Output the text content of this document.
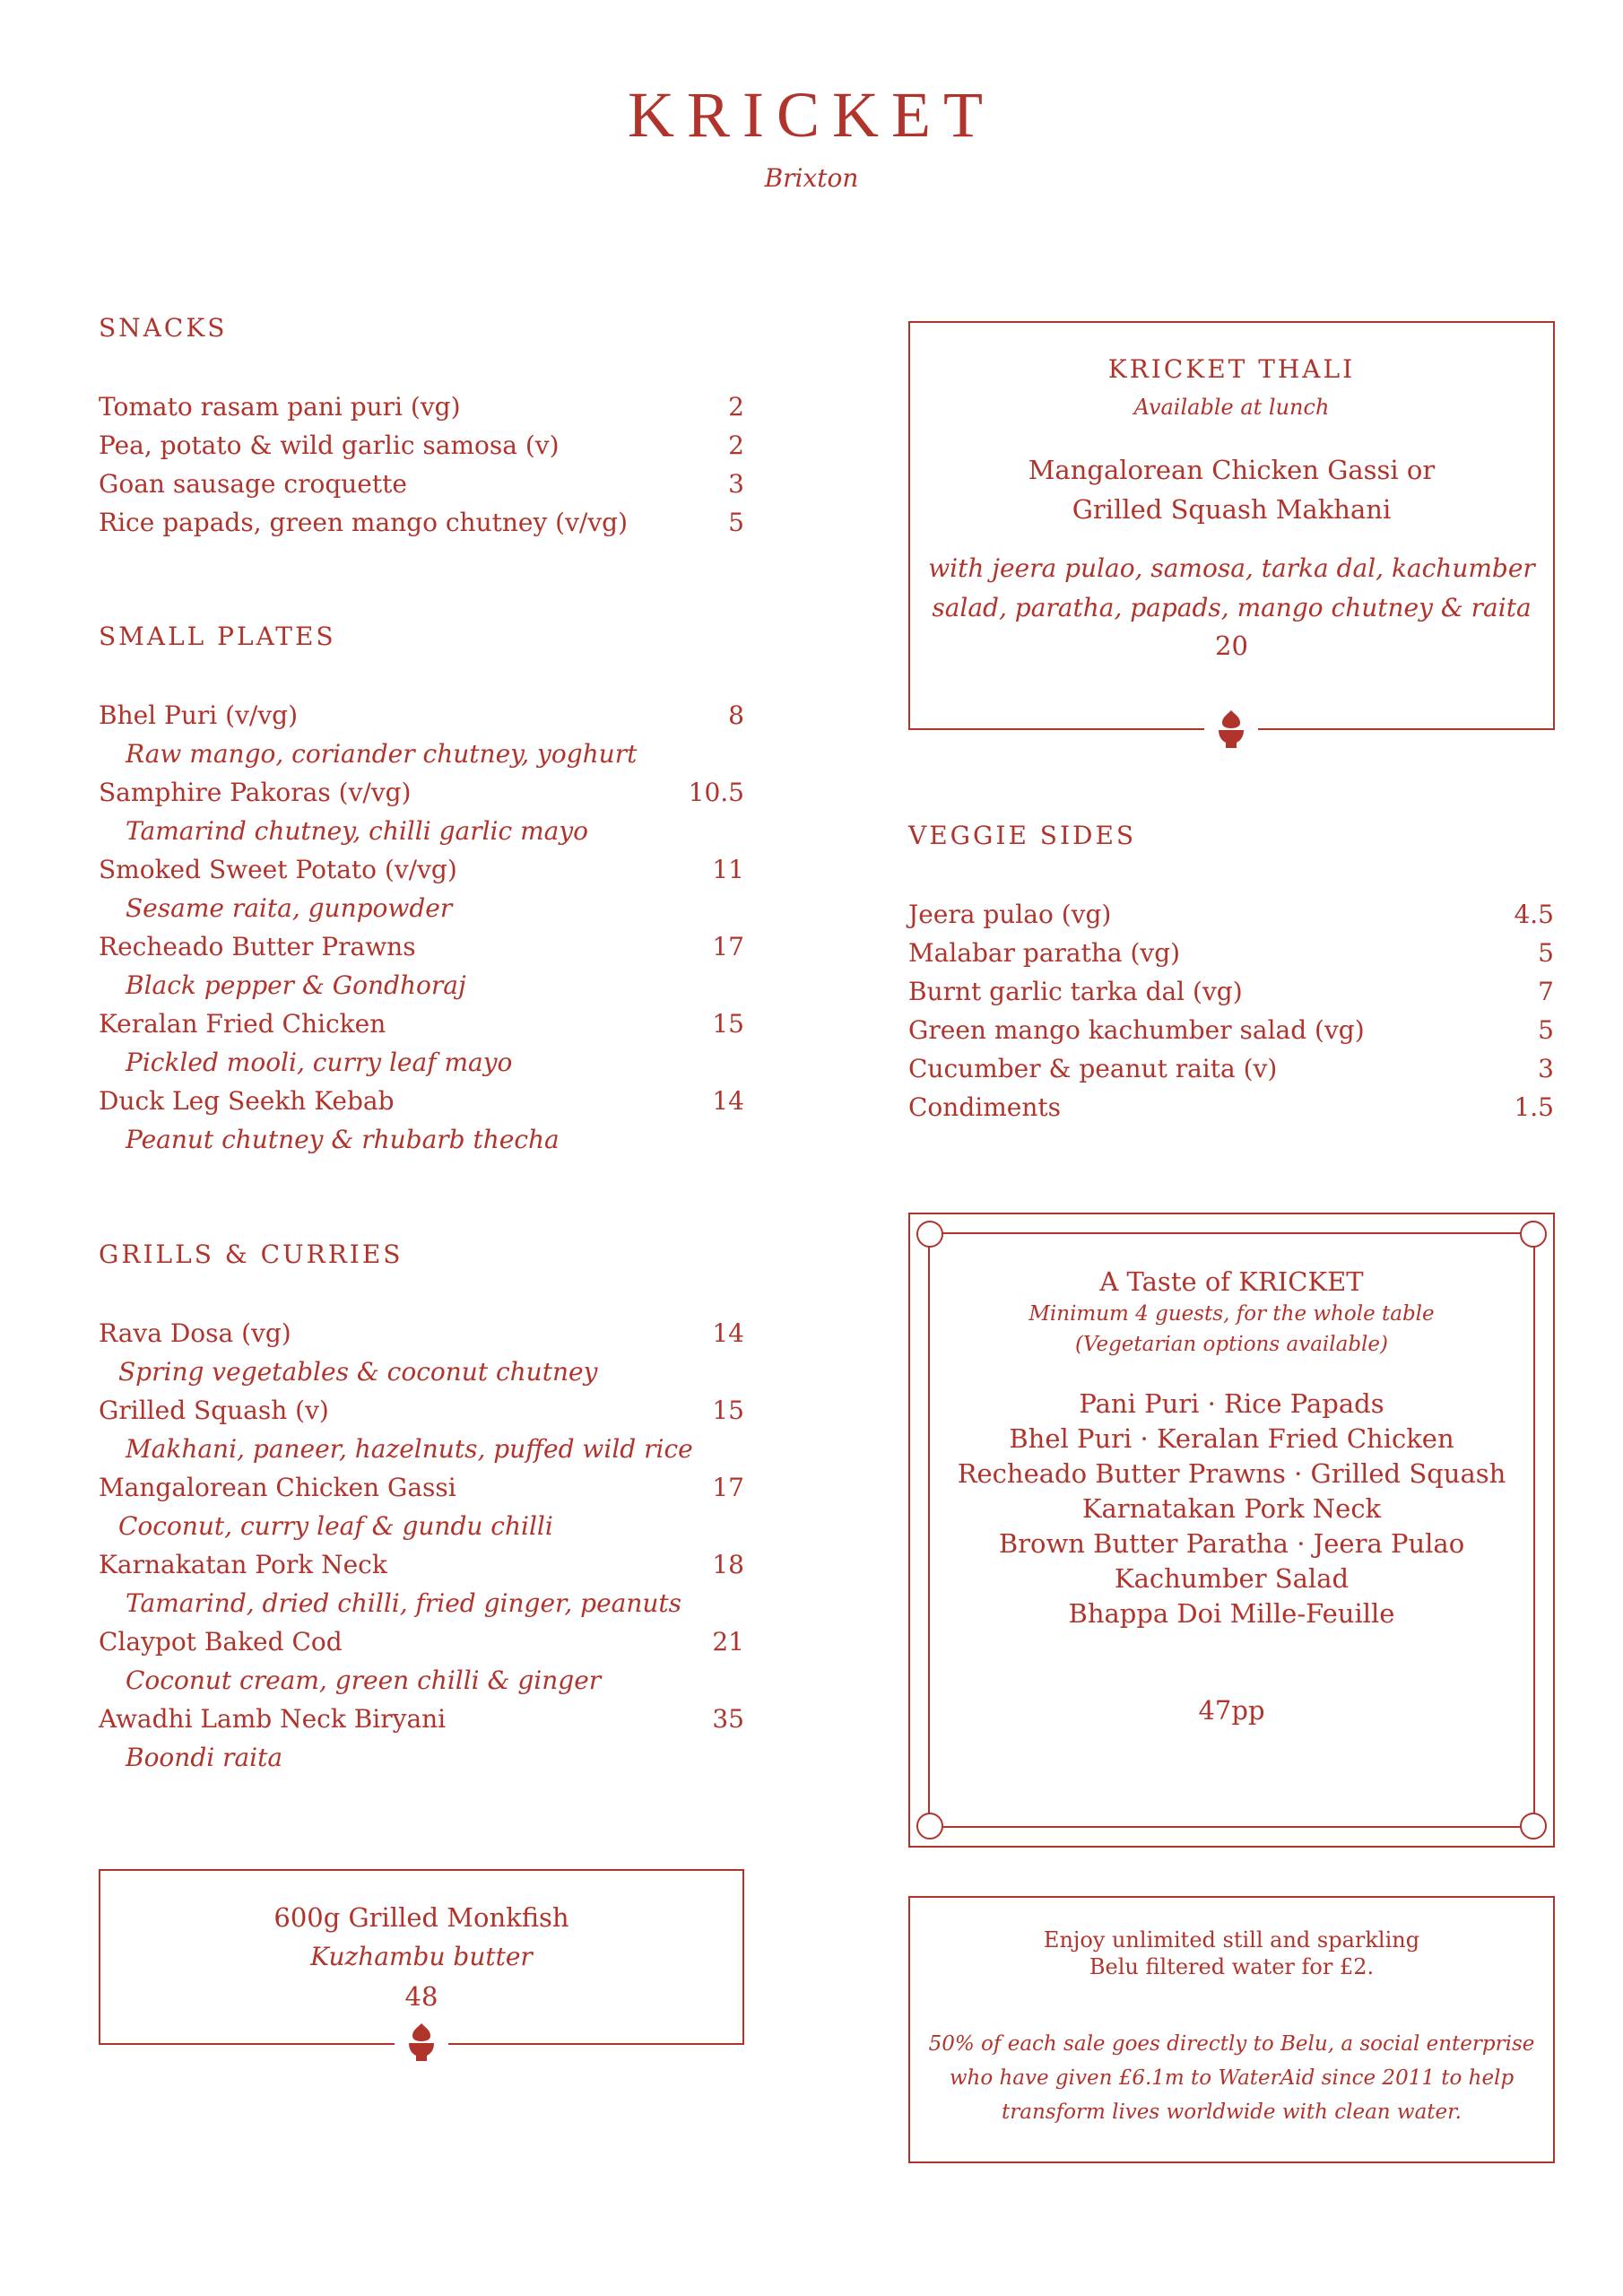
KRICKET
Brixton
SNACKS
Tomato rasam pani puri (vg)	2
Pea, potato & wild garlic samosa (v)	2
Goan sausage croquette	3
Rice papads, green mango chutney (v/vg)	5
SMALL PLATES
Bhel Puri (v/vg)	8
Raw mango, coriander chutney, yoghurt
Samphire Pakoras (v/vg)	10.5
Tamarind chutney, chilli garlic mayo
Smoked Sweet Potato (v/vg)	11
Sesame raita, gunpowder
Recheado Butter Prawns	17
Black pepper & Gondhoraj
Keralan Fried Chicken	15
Pickled mooli, curry leaf mayo
Duck Leg Seekh Kebab	14
Peanut chutney & rhubarb thecha
GRILLS & CURRIES
Rava Dosa (vg)	14
Spring vegetables & coconut chutney
Grilled Squash (v)	15
Makhani, paneer, hazelnuts, puffed wild rice
Mangalorean Chicken Gassi	17
Coconut, curry leaf & gundu chilli
Karnakatan Pork Neck	18
Tamarind, dried chilli, fried ginger, peanuts
Claypot Baked Cod	21
Coconut cream, green chilli & ginger
Awadhi Lamb Neck Biryani	35
Boondi raita
600g Grilled Monkfish
Kuzhambu butter
48
KRICKET THALI
Available at lunch
Mangalorean Chicken Gassi or
Grilled Squash Makhani
with jeera pulao, samosa, tarka dal, kachumber
salad, paratha, papads, mango chutney & raita
20
VEGGIE SIDES
Jeera pulao (vg)	4.5
Malabar paratha (vg)	5
Burnt garlic tarka dal (vg)	7
Green mango kachumber salad (vg)	5
Cucumber & peanut raita (v)	3
Condiments	1.5
A Taste of KRICKET
Minimum 4 guests, for the whole table
(Vegetarian options available)
Pani Puri · Rice Papads
Bhel Puri · Keralan Fried Chicken
Recheado Butter Prawns · Grilled Squash
Karnatakan Pork Neck
Brown Butter Paratha · Jeera Pulao
Kachumber Salad
Bhappa Doi Mille-Feuille
47pp
Enjoy unlimited still and sparkling
Belu filtered water for £2.
50% of each sale goes directly to Belu, a social enterprise
who have given £6.1m to WaterAid since 2011 to help
transform lives worldwide with clean water.
